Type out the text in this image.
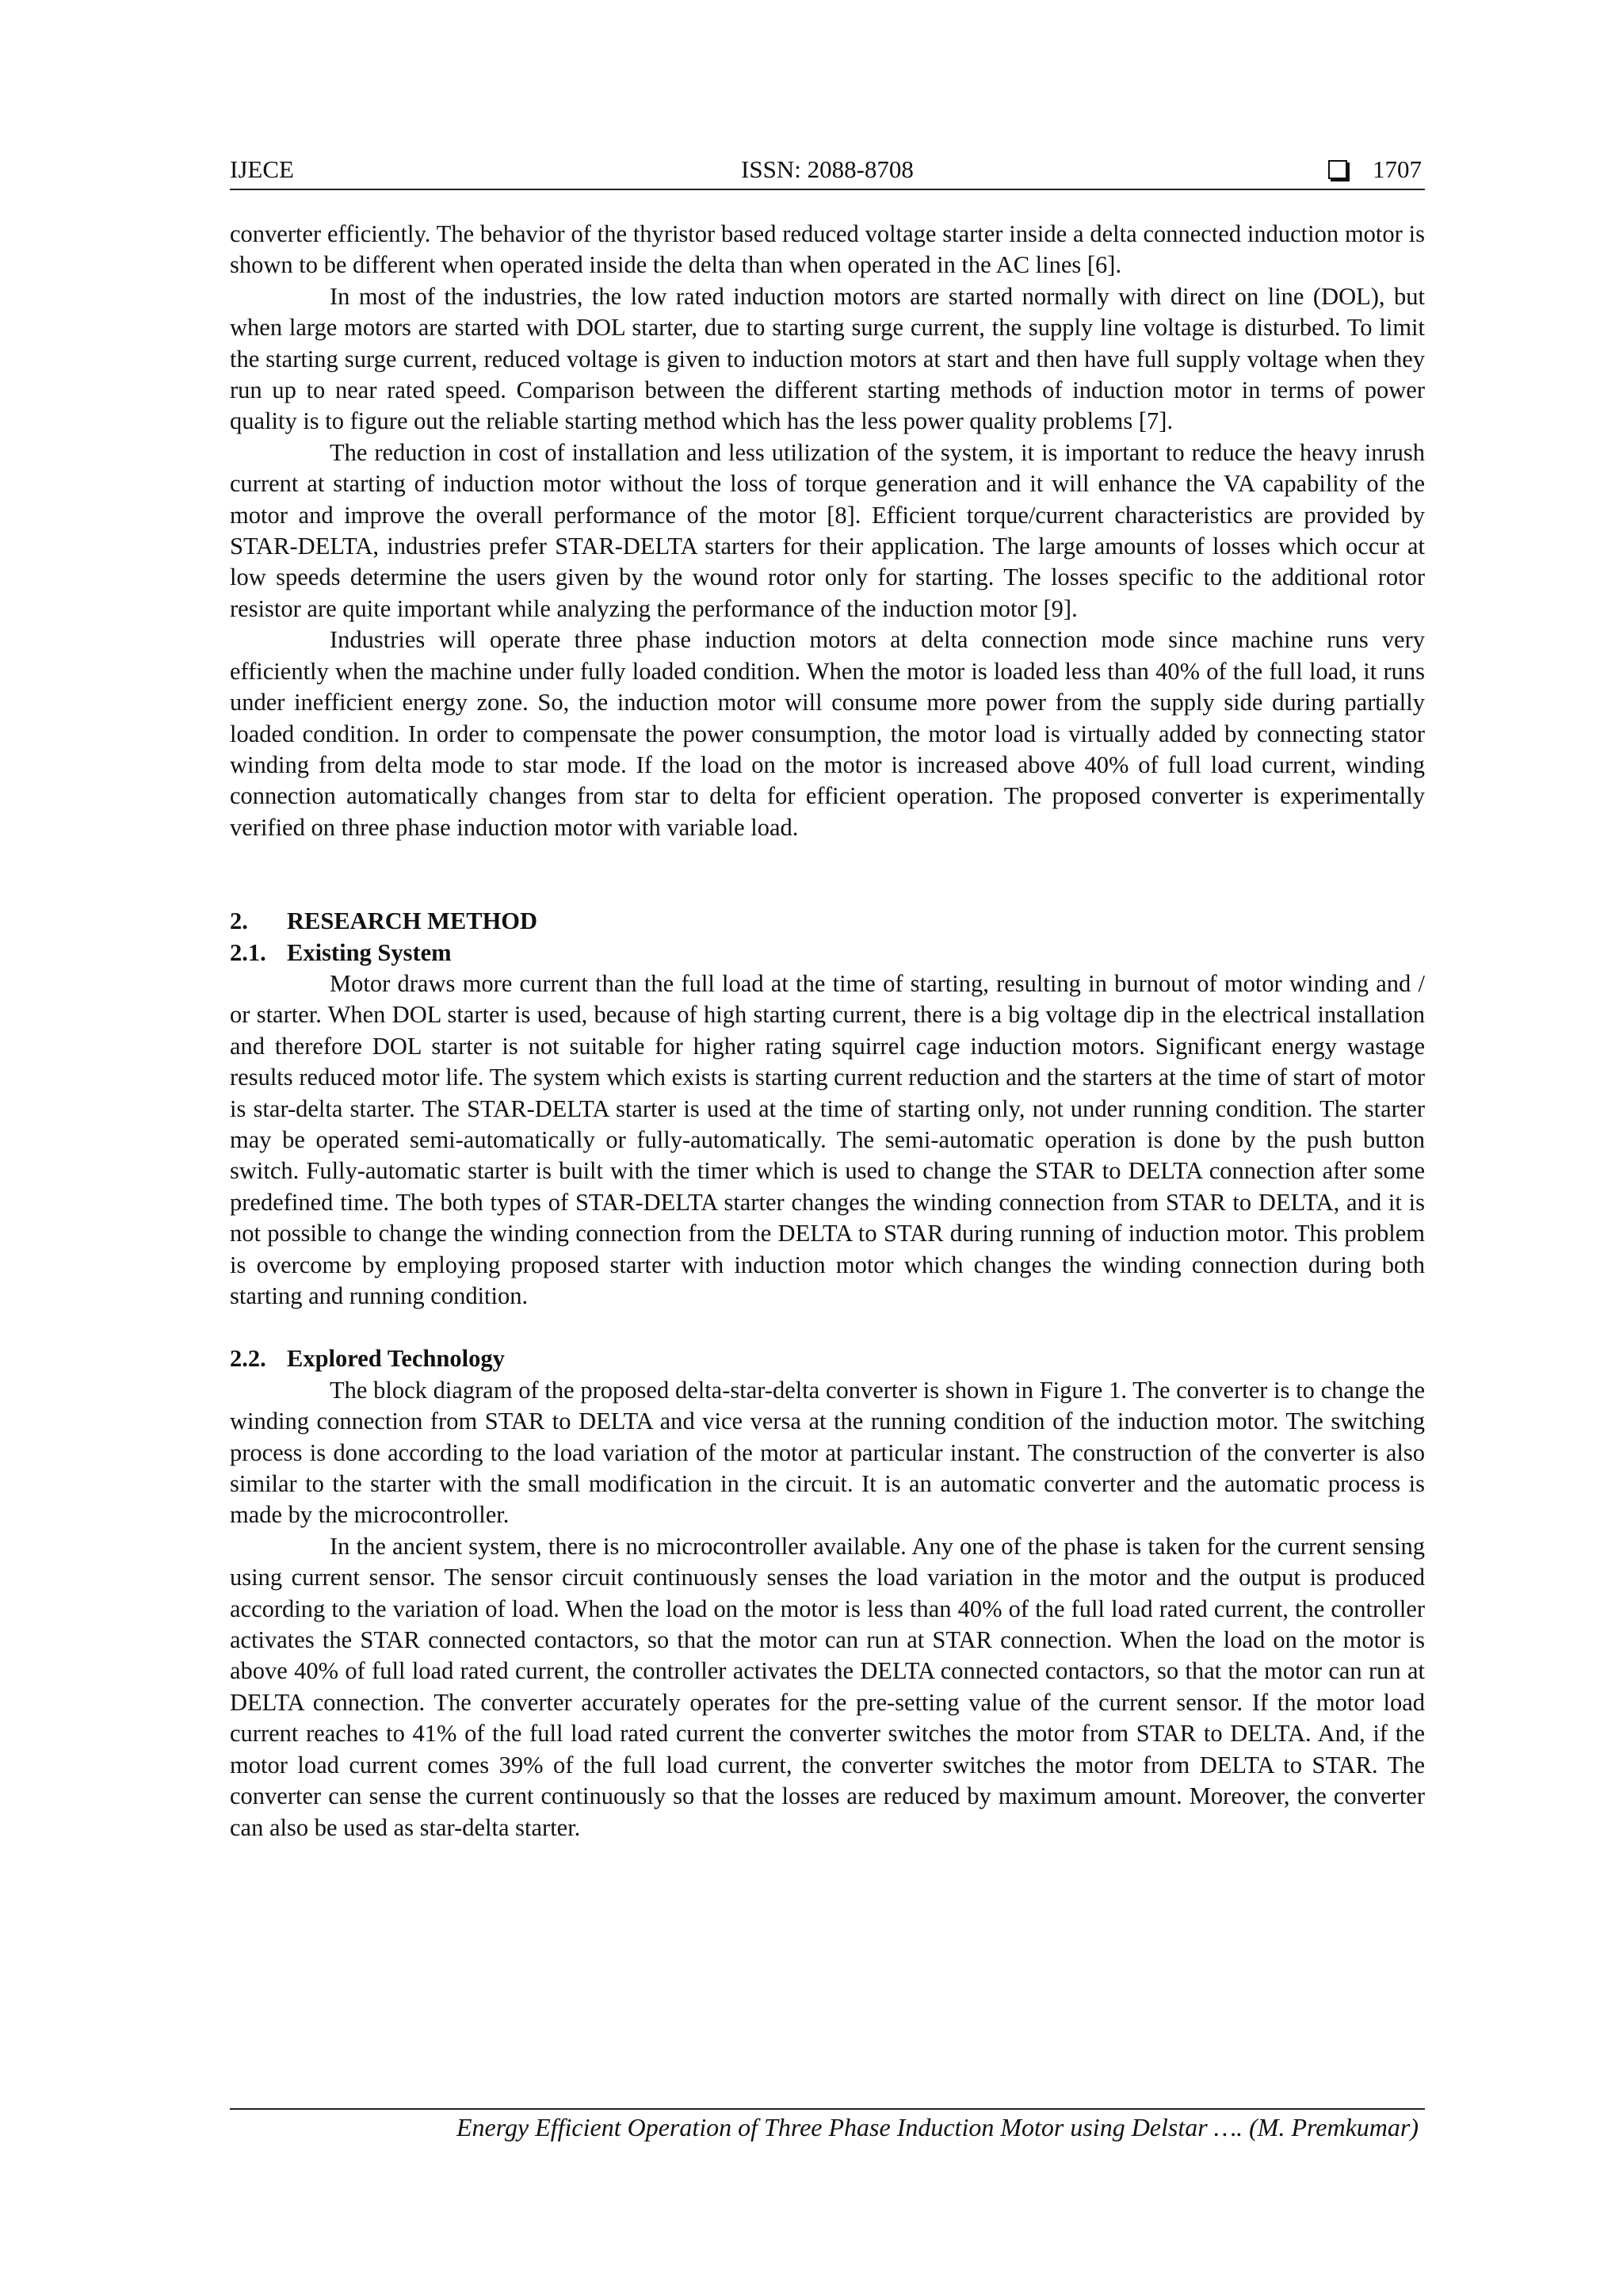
IJECE	ISSN: 2088-8708	1707

converter efficiently. The behavior of the thyristor based reduced voltage starter inside a delta connected induction motor is shown to be different when operated inside the delta than when operated in the AC lines [6].

In most of the industries, the low rated induction motors are started normally with direct on line (DOL), but when large motors are started with DOL starter, due to starting surge current, the supply line voltage is disturbed. To limit the starting surge current, reduced voltage is given to induction motors at start and then have full supply voltage when they run up to near rated speed. Comparison between the different starting methods of induction motor in terms of power quality is to figure out the reliable starting method which has the less power quality problems [7].

The reduction in cost of installation and less utilization of the system, it is important to reduce the heavy inrush current at starting of induction motor without the loss of torque generation and it will enhance the VA capability of the motor and improve the overall performance of the motor [8]. Efficient torque/current characteristics are provided by STAR-DELTA, industries prefer STAR-DELTA starters for their application. The large amounts of losses which occur at low speeds determine the users given by the wound rotor only for starting. The losses specific to the additional rotor resistor are quite important while analyzing the performance of the induction motor [9].

Industries will operate three phase induction motors at delta connection mode since machine runs very efficiently when the machine under fully loaded condition. When the motor is loaded less than 40% of the full load, it runs under inefficient energy zone. So, the induction motor will consume more power from the supply side during partially loaded condition. In order to compensate the power consumption, the motor load is virtually added by connecting stator winding from delta mode to star mode. If the load on the motor is increased above 40% of full load current, winding connection automatically changes from star to delta for efficient operation. The proposed converter is experimentally verified on three phase induction motor with variable load.

2. RESEARCH METHOD
2.1. Existing System

Motor draws more current than the full load at the time of starting, resulting in burnout of motor winding and / or starter. When DOL starter is used, because of high starting current, there is a big voltage dip in the electrical installation and therefore DOL starter is not suitable for higher rating squirrel cage induction motors. Significant energy wastage results reduced motor life. The system which exists is starting current reduction and the starters at the time of start of motor is star-delta starter. The STAR-DELTA starter is used at the time of starting only, not under running condition. The starter may be operated semi-automatically or fully-automatically. The semi-automatic operation is done by the push button switch. Fully-automatic starter is built with the timer which is used to change the STAR to DELTA connection after some predefined time. The both types of STAR-DELTA starter changes the winding connection from STAR to DELTA, and it is not possible to change the winding connection from the DELTA to STAR during running of induction motor. This problem is overcome by employing proposed starter with induction motor which changes the winding connection during both starting and running condition.

2.2. Explored Technology

The block diagram of the proposed delta-star-delta converter is shown in Figure 1. The converter is to change the winding connection from STAR to DELTA and vice versa at the running condition of the induction motor. The switching process is done according to the load variation of the motor at particular instant. The construction of the converter is also similar to the starter with the small modification in the circuit. It is an automatic converter and the automatic process is made by the microcontroller.

In the ancient system, there is no microcontroller available. Any one of the phase is taken for the current sensing using current sensor. The sensor circuit continuously senses the load variation in the motor and the output is produced according to the variation of load. When the load on the motor is less than 40% of the full load rated current, the controller activates the STAR connected contactors, so that the motor can run at STAR connection. When the load on the motor is above 40% of full load rated current, the controller activates the DELTA connected contactors, so that the motor can run at DELTA connection. The converter accurately operates for the pre-setting value of the current sensor. If the motor load current reaches to 41% of the full load rated current the converter switches the motor from STAR to DELTA. And, if the motor load current comes 39% of the full load current, the converter switches the motor from DELTA to STAR. The converter can sense the current continuously so that the losses are reduced by maximum amount. Moreover, the converter can also be used as star-delta starter.

Energy Efficient Operation of Three Phase Induction Motor using Delstar …. (M. Premkumar)
